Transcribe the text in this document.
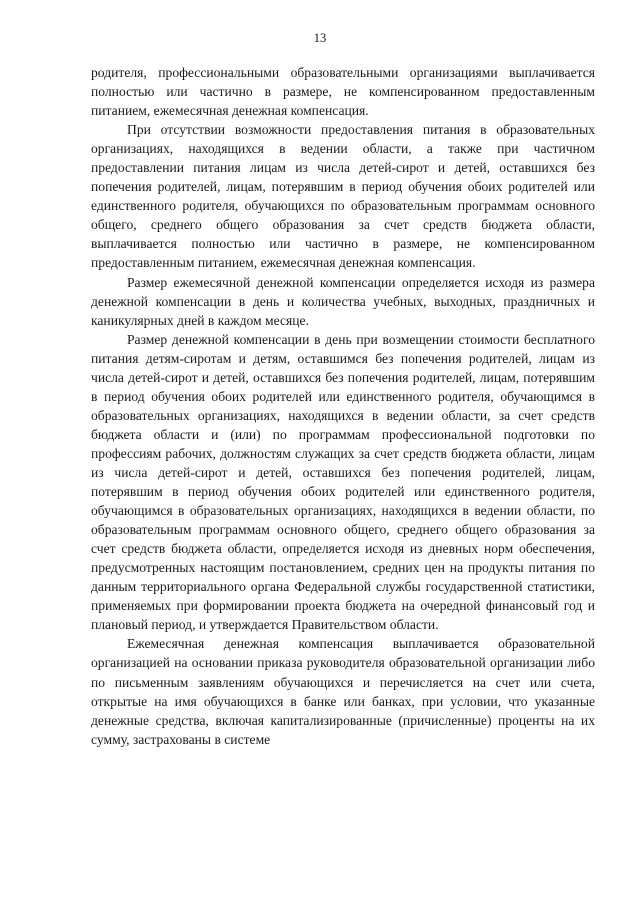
13

родителя, профессиональными образовательными организациями выплачивается полностью или частично в размере, не компенсированном предоставленным питанием, ежемесячная денежная компенсация.

При отсутствии возможности предоставления питания в образовательных организациях, находящихся в ведении области, а также при частичном предоставлении питания лицам из числа детей-сирот и детей, оставшихся без попечения родителей, лицам, потерявшим в период обучения обоих родителей или единственного родителя, обучающихся по образовательным программам основного общего, среднего общего образования за счет средств бюджета области, выплачивается полностью или частично в размере, не компенсированном предоставленным питанием, ежемесячная денежная компенсация.

Размер ежемесячной денежной компенсации определяется исходя из размера денежной компенсации в день и количества учебных, выходных, праздничных и каникулярных дней в каждом месяце.

Размер денежной компенсации в день при возмещении стоимости бесплатного питания детям-сиротам и детям, оставшимся без попечения родителей, лицам из числа детей-сирот и детей, оставшихся без попечения родителей, лицам, потерявшим в период обучения обоих родителей или единственного родителя, обучающимся в образовательных организациях, находящихся в ведении области, за счет средств бюджета области и (или) по программам профессиональной подготовки по профессиям рабочих, должностям служащих за счет средств бюджета области, лицам из числа детей-сирот и детей, оставшихся без попечения родителей, лицам, потерявшим в период обучения обоих родителей или единственного родителя, обучающимся в образовательных организациях, находящихся в ведении области, по образовательным программам основного общего, среднего общего образования за счет средств бюджета области, определяется исходя из дневных норм обеспечения, предусмотренных настоящим постановлением, средних цен на продукты питания по данным территориального органа Федеральной службы государственной статистики, применяемых при формировании проекта бюджета на очередной финансовый год и плановый период, и утверждается Правительством области.

Ежемесячная денежная компенсация выплачивается образовательной организацией на основании приказа руководителя образовательной организации либо по письменным заявлениям обучающихся и перечисляется на счет или счета, открытые на имя обучающихся в банке или банках, при условии, что указанные денежные средства, включая капитализированные (причисленные) проценты на их сумму, застрахованы в системе
